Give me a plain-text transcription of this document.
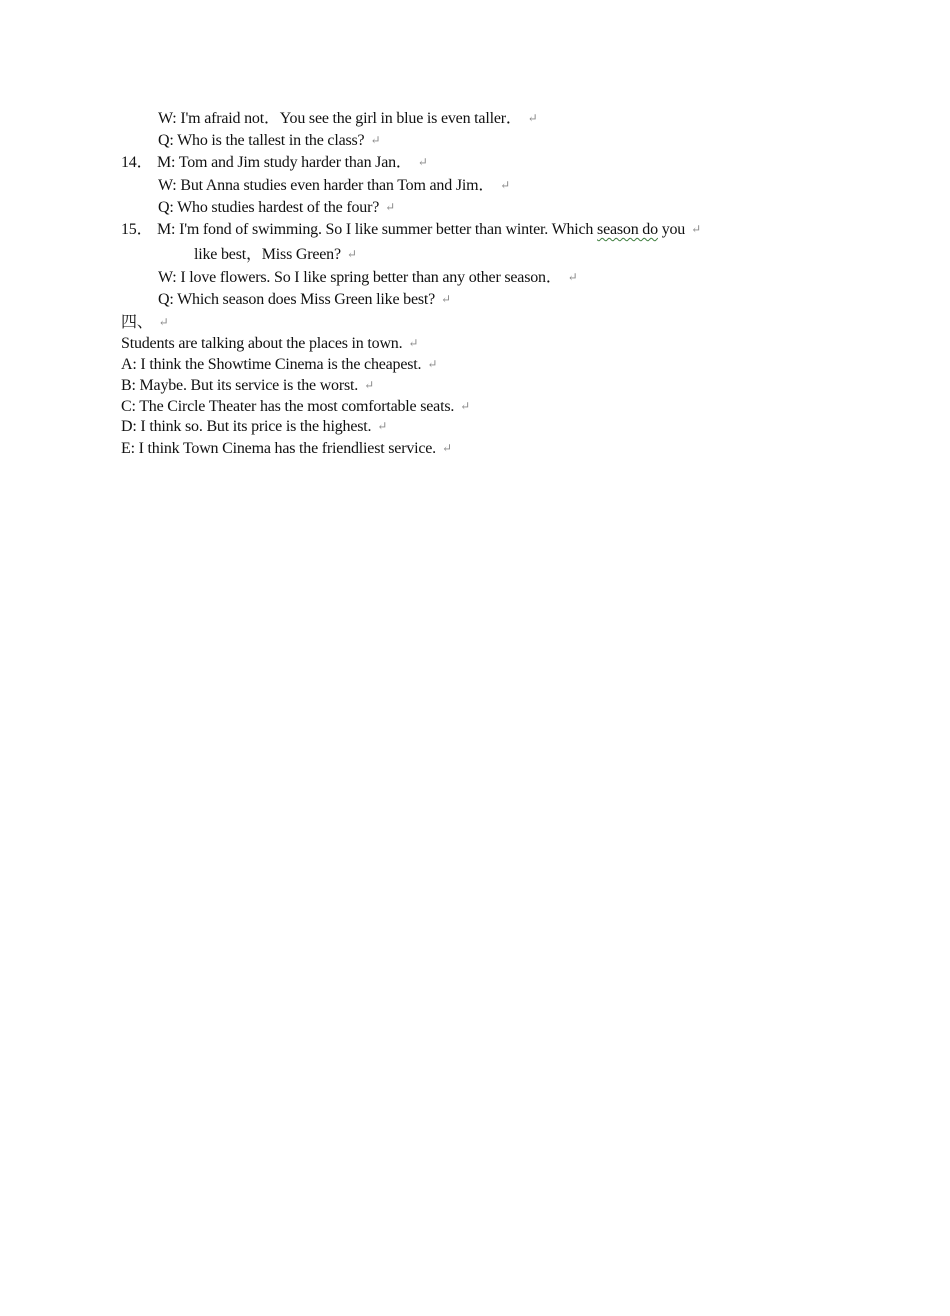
W: I'm afraid not．You see the girl in blue is even taller． ↵
Q: Who is the tallest in the class? ↵
14． M: Tom and Jim study harder than Jan． ↵
W: But Anna studies even harder than Tom and Jim． ↵
Q: Who studies hardest of the four? ↵
15． M: I'm fond of swimming. So I like summer better than winter. Which season do you ↵
like best，Miss Green? ↵
W: I love flowers. So I like spring better than any other season． ↵
Q: Which season does Miss Green like best? ↵
四、 ↵
Students are talking about the places in town. ↵
A: I think the Showtime Cinema is the cheapest. ↵
B: Maybe. But its service is the worst. ↵
C: The Circle Theater has the most comfortable seats. ↵
D: I think so. But its price is the highest. ↵
E: I think Town Cinema has the friendliest service. ↵
